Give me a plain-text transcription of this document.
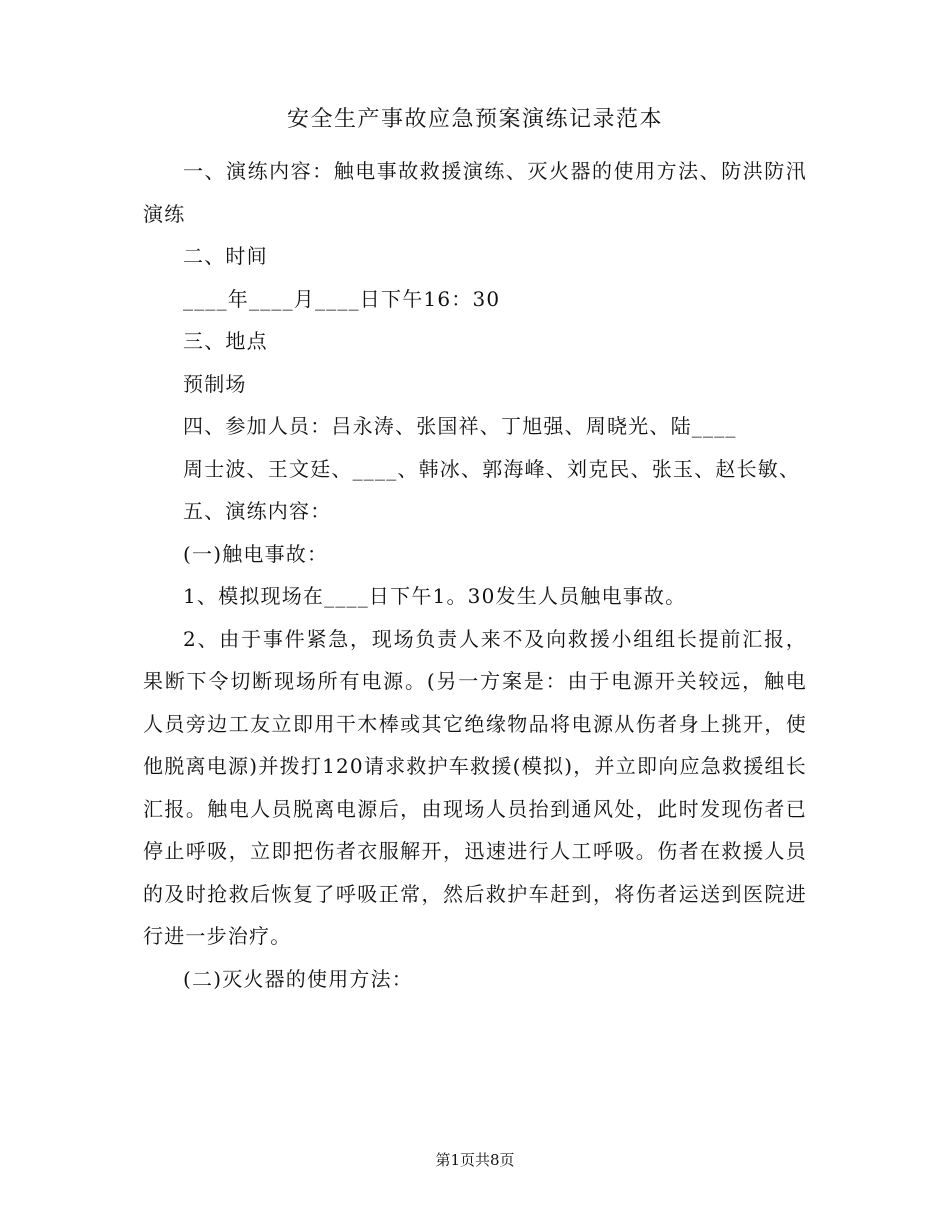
安全生产事故应急预案演练记录范本

一、演练内容：触电事故救援演练、灭火器的使用方法、防洪防汛演练

二、时间

____年____月____日下午16：30

三、地点

预制场

四、参加人员：吕永涛、张国祥、丁旭强、周晓光、陆____

周士波、王文廷、____、韩冰、郭海峰、刘克民、张玉、赵长敏、

五、演练内容：

(一)触电事故：

1、模拟现场在____日下午1。30发生人员触电事故。

2、由于事件紧急，现场负责人来不及向救援小组组长提前汇报，果断下令切断现场所有电源。(另一方案是：由于电源开关较远，触电人员旁边工友立即用干木棒或其它绝缘物品将电源从伤者身上挑开，使他脱离电源)并拨打120请求救护车救援(模拟)，并立即向应急救援组长汇报。触电人员脱离电源后，由现场人员抬到通风处，此时发现伤者已停止呼吸，立即把伤者衣服解开，迅速进行人工呼吸。伤者在救援人员的及时抢救后恢复了呼吸正常，然后救护车赶到，将伤者运送到医院进行进一步治疗。

(二)灭火器的使用方法：

第1页共8页
